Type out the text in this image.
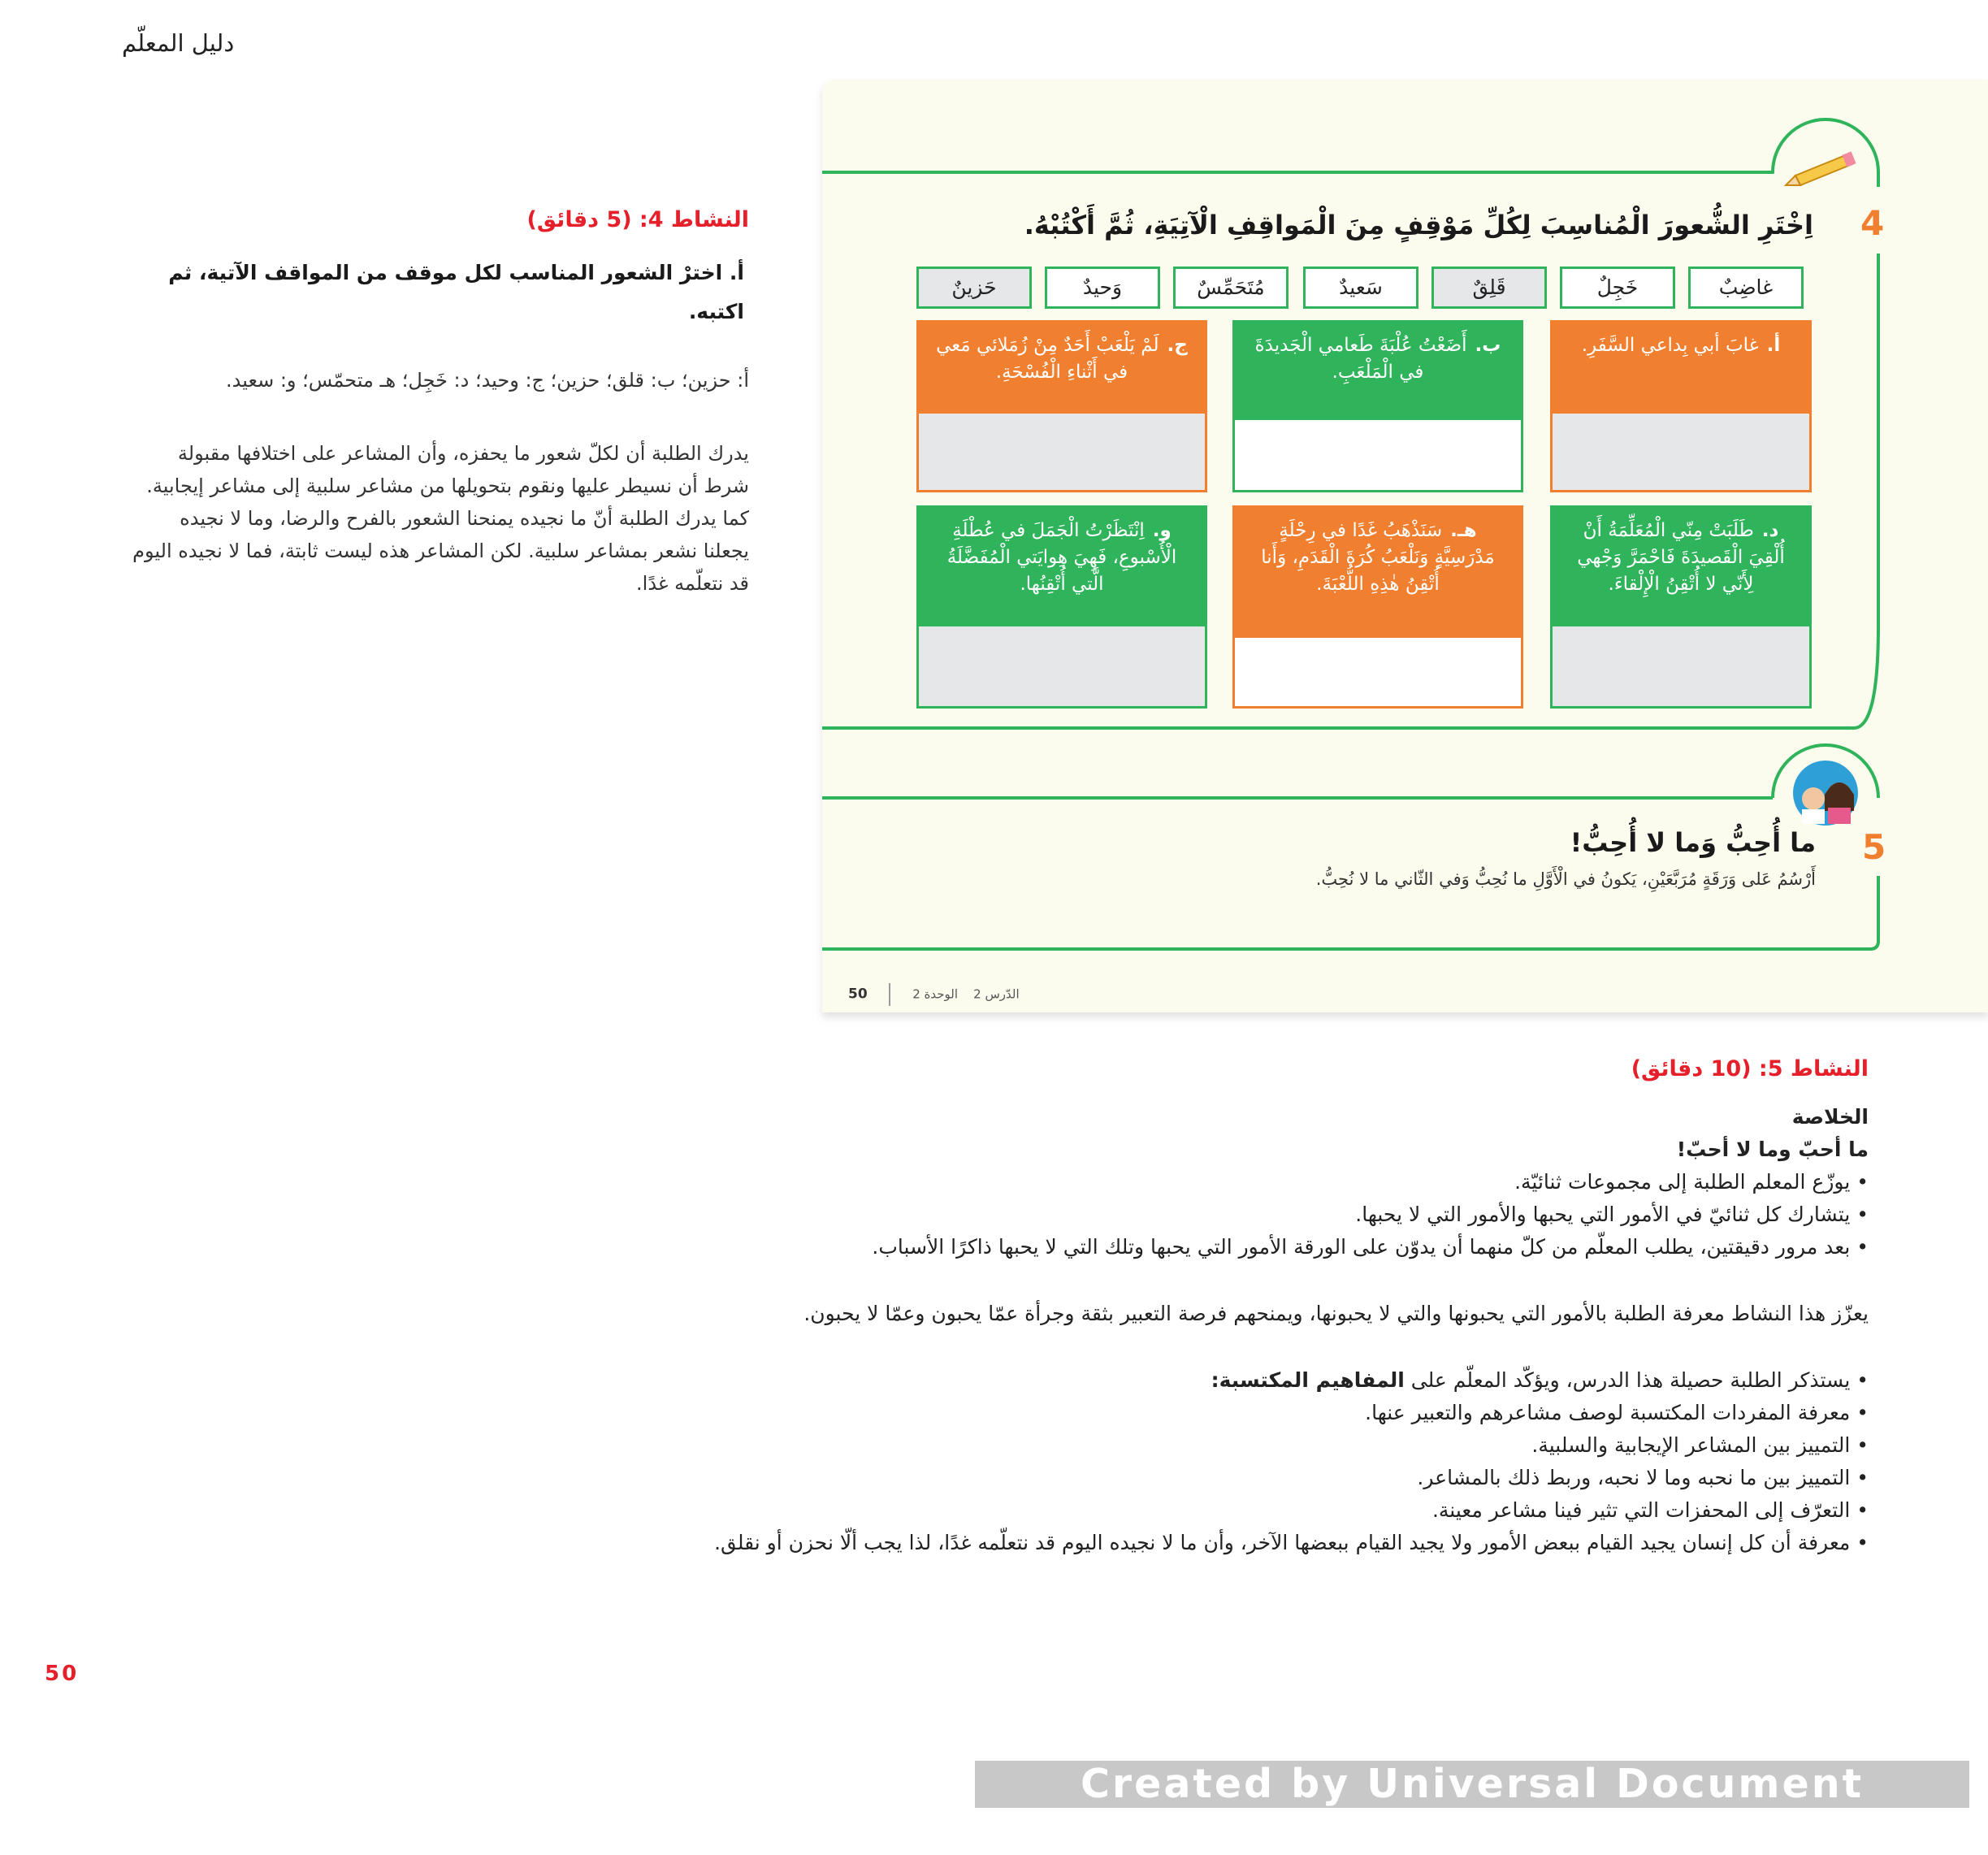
دليل المعلّم
النشاط 4: (5 دقائق)
أ. اخترْ الشعور المناسب لكل موقف من المواقف الآتية، ثم اكتبه.
أ: حزين؛ ب: قلق؛ حزين؛ ج: وحيد؛ د: خَجِل؛ هـ متحمّس؛ و: سعيد.
يدرك الطلبة أن لكلّ شعور ما يحفزه، وأن المشاعر على اختلافها مقبولة شرط أن نسيطر عليها ونقوم بتحويلها من مشاعر سلبية إلى مشاعر إيجابية. كما يدرك الطلبة أنّ ما نجيده يمنحنا الشعور بالفرح والرضا، وما لا نجيده يجعلنا نشعر بمشاعر سلبية. لكن المشاعر هذه ليست ثابتة، فما لا نجيده اليوم قد نتعلّمه غدًا.
4
اِخْتَرِ الشُّعورَ الْمُناسِبَ لِكُلِّ مَوْقِفٍ مِنَ الْمَواقِفِ الْآتِيَةِ، ثُمَّ أَكْتُبْهُ.
غاضِبٌ
خَجِلٌ
قَلِقٌ
سَعيدٌ
مُتَحَمِّسٌ
وَحيدٌ
حَزينٌ
أ.غابَ أبي بِداعي السَّفَرِ.
ب.أَضَعْتُ عُلْبَةَ طَعامي الْجَديدَةَ في الْمَلْعَبِ.
ج.لَمْ يَلْعَبْ أَحَدٌ مِنْ زُمَلائي مَعي في أَثْناءِ الْفُسْحَةِ.
د.طَلَبَتْ مِنّي الْمُعَلِّمَةُ أَنْ أُلْقِيَ الْقَصيدَةَ فَاحْمَرَّ وَجْهي لِأَنّي لا أُتْقِنُ الْإِلْقاءَ.
هـ.سَنَذْهَبُ غَدًا في رِحْلَةٍ مَدْرَسِيَّةٍ وَنَلْعَبُ كُرَةَ الْقَدَمِ، وَأَنا أُتْقِنُ هٰذِهِ اللُّعْبَةَ.
و.اِنْتَظَرْتُ الْجَمَلَ في عُطْلَةِ الْأُسْبوعِ، فَهِيَ هِوايَتي الْمُفَضَّلَةُ الَّتي أُتْقِنُها.
5
ما أُحِبُّ وَما لا أُحِبُّ!
أَرْسُمُ عَلى وَرَقَةٍ مُرَبَّعَيْنِ، يَكونُ في الْأَوَّلِ ما نُحِبُّ وَفي الثّاني ما لا نُحِبُّ.
50	الدّرس 2    الوحدة 2
النشاط 5: (10 دقائق)
الخلاصة
ما أحبّ وما لا أحبّ!
• يوزّع المعلم الطلبة إلى مجموعات ثنائيّة.
• يتشارك كل ثنائيّ في الأمور التي يحبها والأمور التي لا يحبها.
• بعد مرور دقيقتين، يطلب المعلّم من كلّ منهما أن يدوّن على الورقة الأمور التي يحبها وتلك التي لا يحبها ذاكرًا الأسباب.
يعزّز هذا النشاط معرفة الطلبة بالأمور التي يحبونها والتي لا يحبونها، ويمنحهم فرصة التعبير بثقة وجرأة عمّا يحبون وعمّا لا يحبون.
• يستذكر الطلبة حصيلة هذا الدرس، ويؤكّد المعلّم على المفاهيم المكتسبة:
• معرفة المفردات المكتسبة لوصف مشاعرهم والتعبير عنها.
• التمييز بين المشاعر الإيجابية والسلبية.
• التمييز بين ما نحبه وما لا نحبه، وربط ذلك بالمشاعر.
• التعرّف إلى المحفزات التي تثير فينا مشاعر معينة.
• معرفة أن كل إنسان يجيد القيام ببعض الأمور ولا يجيد القيام ببعضها الآخر، وأن ما لا نجيده اليوم قد نتعلّمه غدًا، لذا يجب ألّا نحزن أو نقلق.
50
Created by Universal Document Converter
